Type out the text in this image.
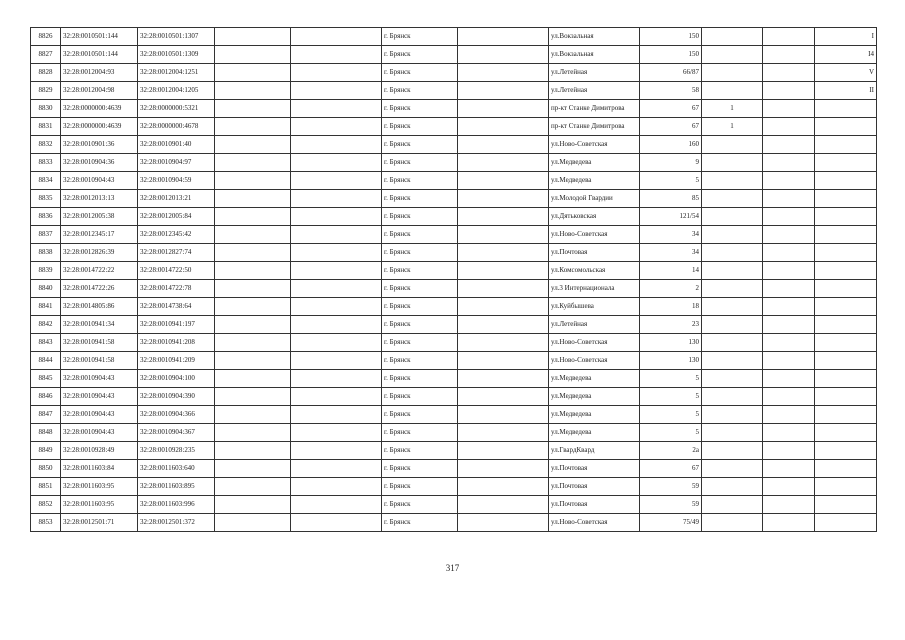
8826	32:28:0010501:144	32:28:0010501:1307			г. Брянск		ул.Вокзальная	150			I
8827	32:28:0010501:144	32:28:0010501:1309			г. Брянск		ул.Вокзальная	150			I4
8828	32:28:0012004:93	32:28:0012004:1251			г. Брянск		ул.Летейная	66/87			V
8829	32:28:0012004:98	32:28:0012004:1205			г. Брянск		ул.Летейная	58			II
8830	32:28:0000000:4639	32:28:0000000:5321			г. Брянск		пр-кт Станке Димитрова	67	1		
8831	32:28:0000000:4639	32:28:0000000:4678			г. Брянск		пр-кт Станке Димитрова	67	1		
8832	32:28:0010901:36	32:28:0010901:40			г. Брянск		ул.Ново-Советская	160			
8833	32:28:0010904:36	32:28:0010904:97			г. Брянск		ул.Медведева	9			
8834	32:28:0010904:43	32:28:0010904:59			г. Брянск		ул.Медведева	5			
8835	32:28:0012013:13	32:28:0012013:21			г. Брянск		ул.Молодой Гвардии	85			
8836	32:28:0012005:38	32:28:0012005:84			г. Брянск		ул.Дятьковская	121/54			
8837	32:28:0012345:17	32:28:0012345:42			г. Брянск		ул.Ново-Советская	34			
8838	32:28:0012826:39	32:28:0012827:74			г. Брянск		ул.Почтовая	34			
8839	32:28:0014722:22	32:28:0014722:50			г. Брянск		ул.Комсомольская	14			
8840	32:28:0014722:26	32:28:0014722:78			г. Брянск		ул.3 Интернационала	2			
8841	32:28:0014805:86	32:28:0014738:64			г. Брянск		ул.Куйбышева	18			
8842	32:28:0010941:34	32:28:0010941:197			г. Брянск		ул.Летейная	23			
8843	32:28:0010941:58	32:28:0010941:208			г. Брянск		ул.Ново-Советская	130			
8844	32:28:0010941:58	32:28:0010941:209			г. Брянск		ул.Ново-Советская	130			
8845	32:28:0010904:43	32:28:0010904:100			г. Брянск		ул.Медведева	5			
8846	32:28:0010904:43	32:28:0010904:390			г. Брянск		ул.Медведева	5			
8847	32:28:0010904:43	32:28:0010904:366			г. Брянск		ул.Медведева	5			
8848	32:28:0010904:43	32:28:0010904:367			г. Брянск		ул.Медведева	5			
8849	32:28:0010928:49	32:28:0010928:235			г. Брянск		ул.ГвардКвард	2а			
8850	32:28:0011603:84	32:28:0011603:640			г. Брянск		ул.Почтовая	67			
8851	32:28:0011603:95	32:28:0011603:895			г. Брянск		ул.Почтовая	59			
8852	32:28:0011603:95	32:28:0011603:996			г. Брянск		ул.Почтовая	59			
8853	32:28:0012501:71	32:28:0012501:372			г. Брянск		ул.Ново-Советская	75/49			
317
